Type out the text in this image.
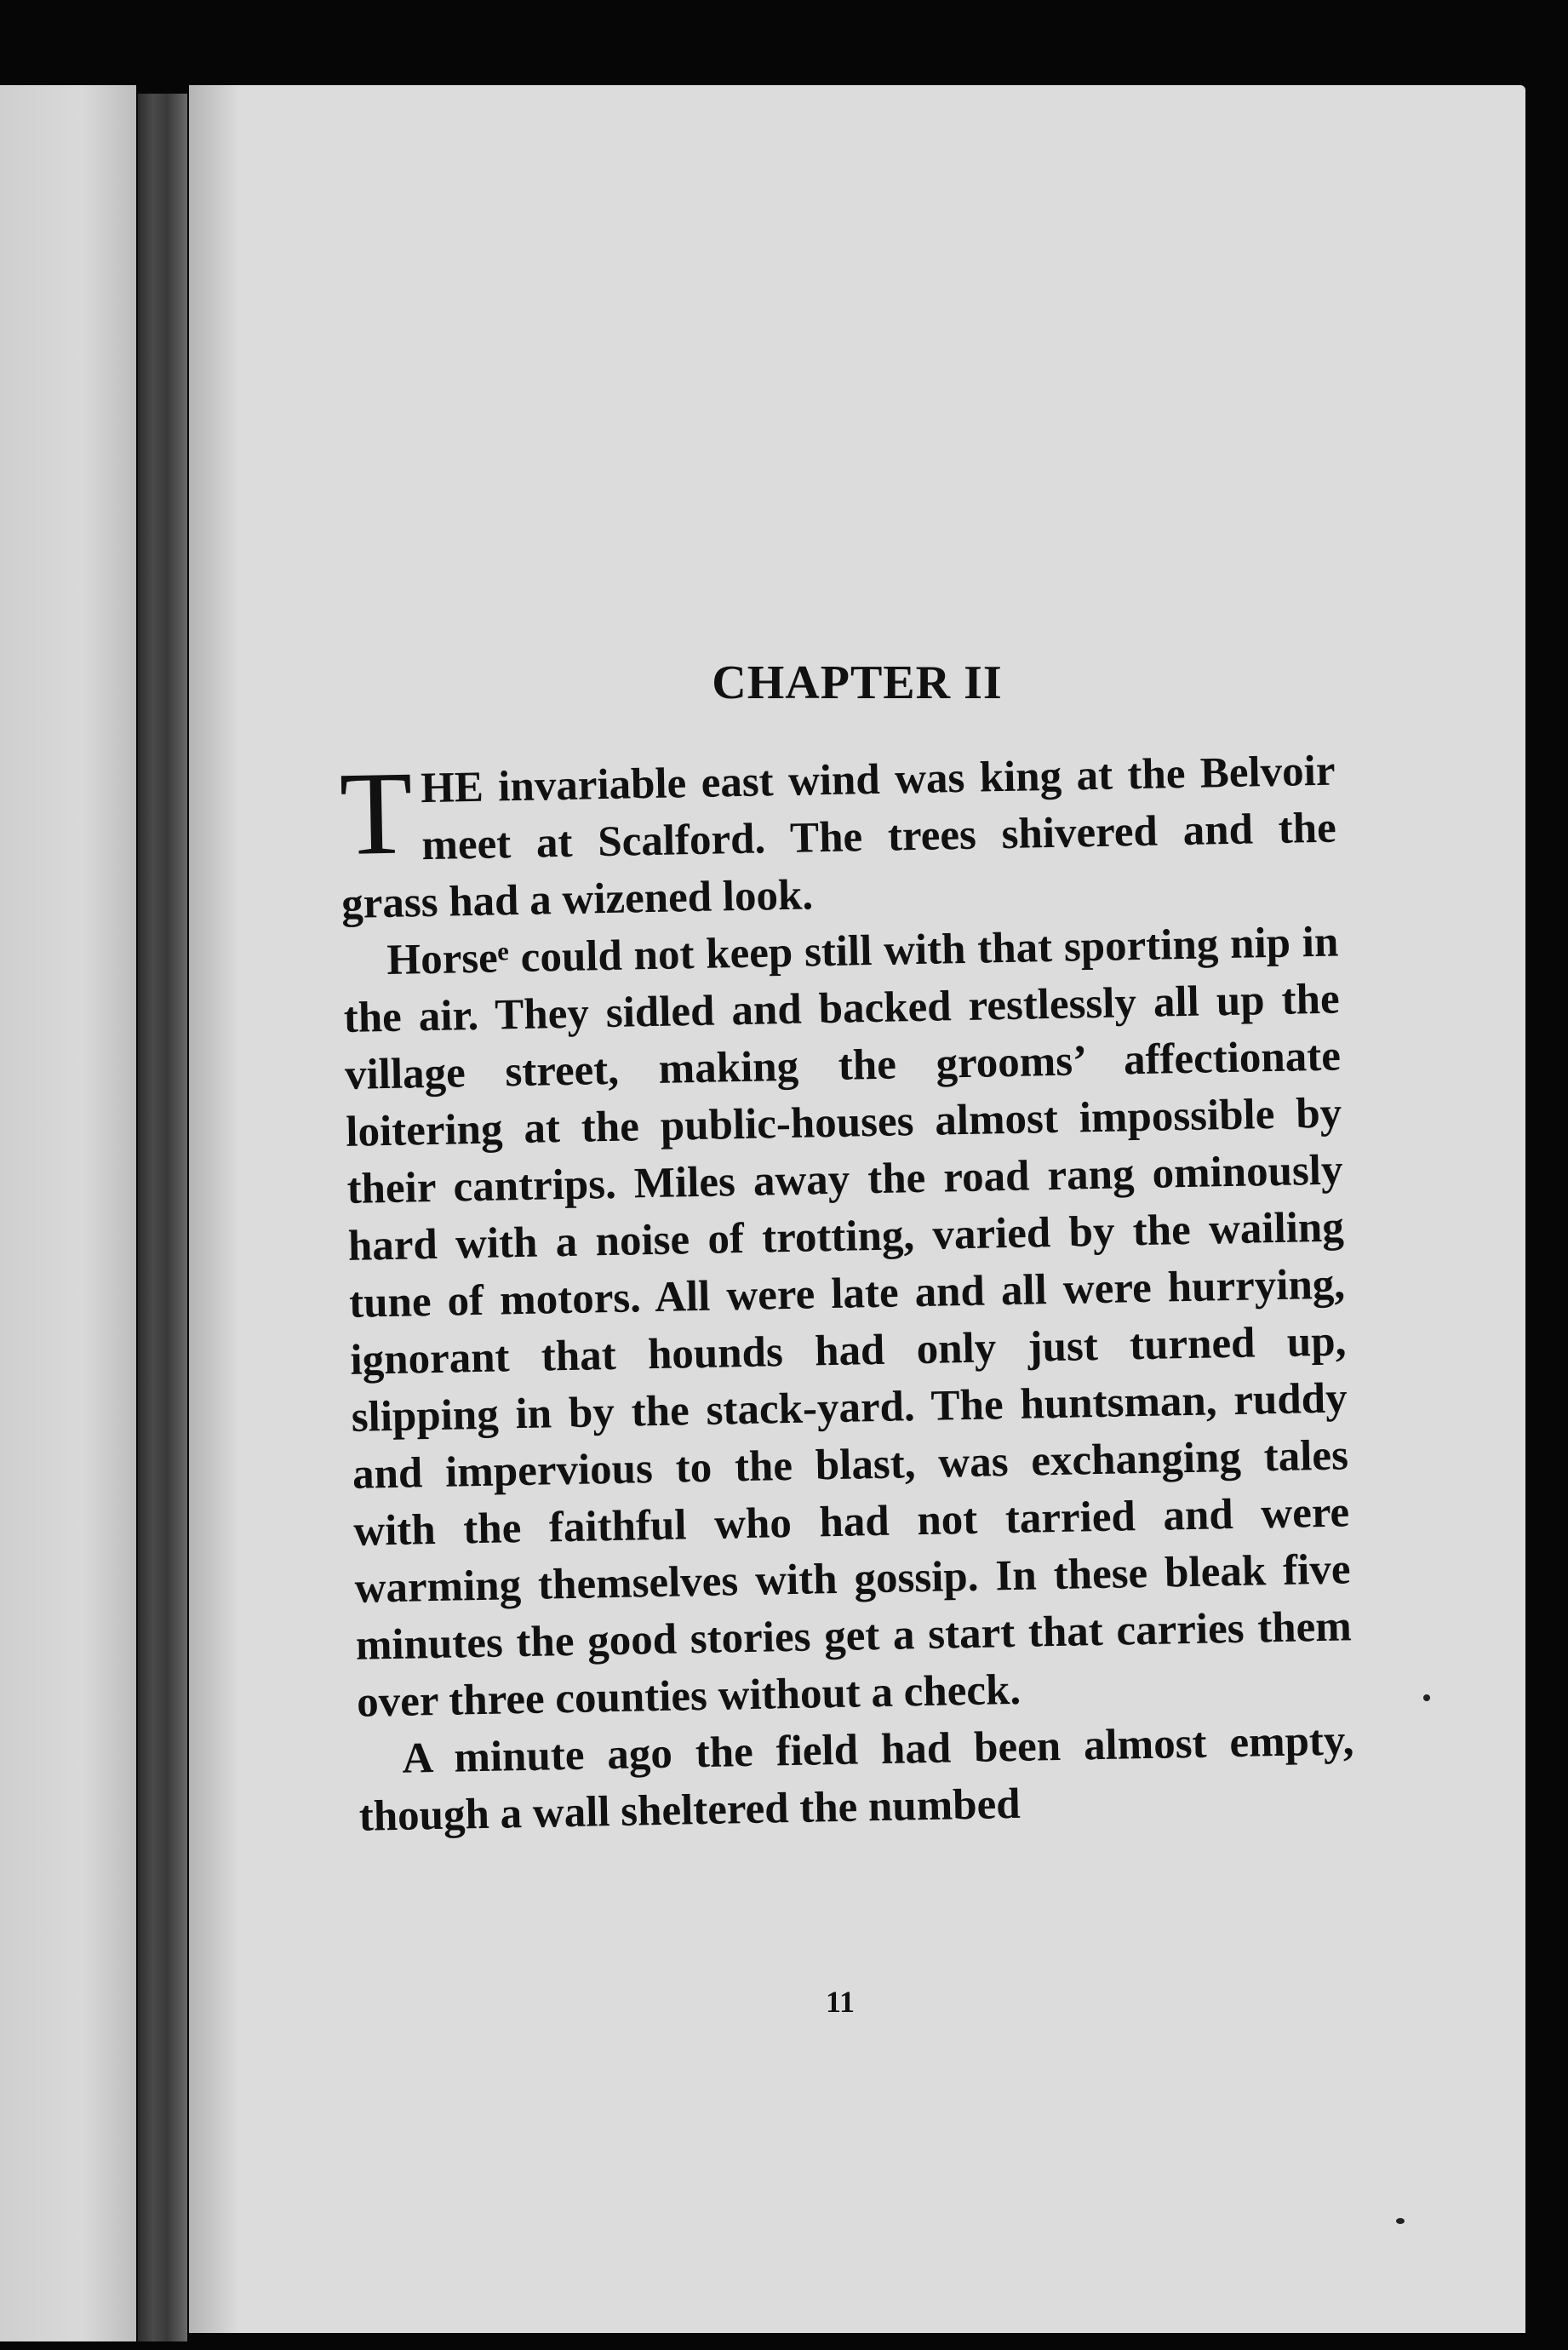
CHAPTER II

THE invariable east wind was king at the Belvoir meet at Scalford. The trees shivered and the grass had a wizened look.

Horseᵉ could not keep still with that sporting nip in the air. They sidled and backed restlessly all up the village street, making the grooms’ affectionate loitering at the public-houses almost impossible by their cantrips. Miles away the road rang ominously hard with a noise of trotting, varied by the wailing tune of motors. All were late and all were hurrying, ignorant that hounds had only just turned up, slipping in by the stack-yard. The huntsman, ruddy and impervious to the blast, was exchanging tales with the faithful who had not tarried and were warming themselves with gossip. In these bleak five minutes the good stories get a start that carries them over three counties without a check.

A minute ago the field had been almost empty, though a wall sheltered the numbed

11
